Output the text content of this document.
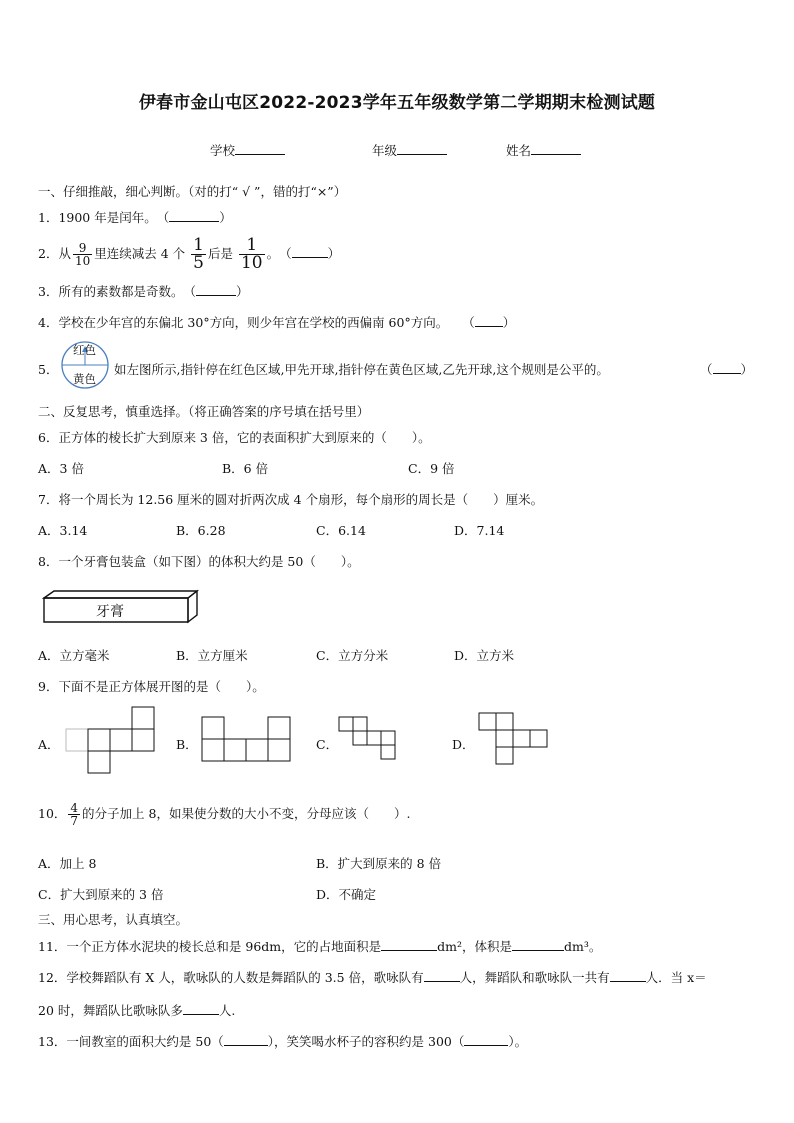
伊春市金山屯区2022-2023学年五年级数学第二学期期末检测试题
学校	年级	姓名
一、仔细推敲，细心判断。（对的打“ √ ”，错的打“×”）
1．1900 年是闰年。（	）
2．从 $\frac{9}{10}$ 里连续减去 4 个 $\frac{1}{5}$ 后是 $\frac{1}{10}$ 。（	）
3．所有的素数都是奇数。（	）
4．学校在少年宫的东偏北 30°方向，则少年宫在学校的西偏南 60°方向。 （ ）
5．
红色
黄色
如左图所示,指针停在红色区域,甲先开球,指针停在黄色区域,乙先开球,这个规则是公平的。	（ ）
二、反复思考，慎重选择。（将正确答案的序号填在括号里）
6．正方体的棱长扩大到原来 3 倍，它的表面积扩大到原来的（　　）。
A．3 倍	B．6 倍	C．9 倍
7．将一个周长为 12.56 厘米的圆对折两次成 4 个扇形，每个扇形的周长是（　　）厘米。
A．3.14	B．6.28	C．6.14	D．7.14
8．一个牙膏包装盒（如下图）的体积大约是 50（　　）。
牙膏
A．立方毫米	B．立方厘米	C．立方分米	D．立方米
9．下面不是正方体展开图的是（　　）。
A．	B．	C．	D．
10． $\frac{4}{7}$ 的分子加上 8，如果使分数的大小不变，分母应该（　　）.
A．加上 8	B．扩大到原来的 8 倍
C．扩大到原来的 3 倍	D．不确定
三、用心思考，认真填空。
11．一个正方体水泥块的棱长总和是 96dm，它的占地面积是	dm²，体积是	dm³。
12．学校舞蹈队有 X 人，歌咏队的人数是舞蹈队的 3.5 倍，歌咏队有	人，舞蹈队和歌咏队一共有	人．当 x＝
20 时，舞蹈队比歌咏队多	人.
13．一间教室的面积大约是 50（	），笑笑喝水杯子的容积约是 300（	）。
